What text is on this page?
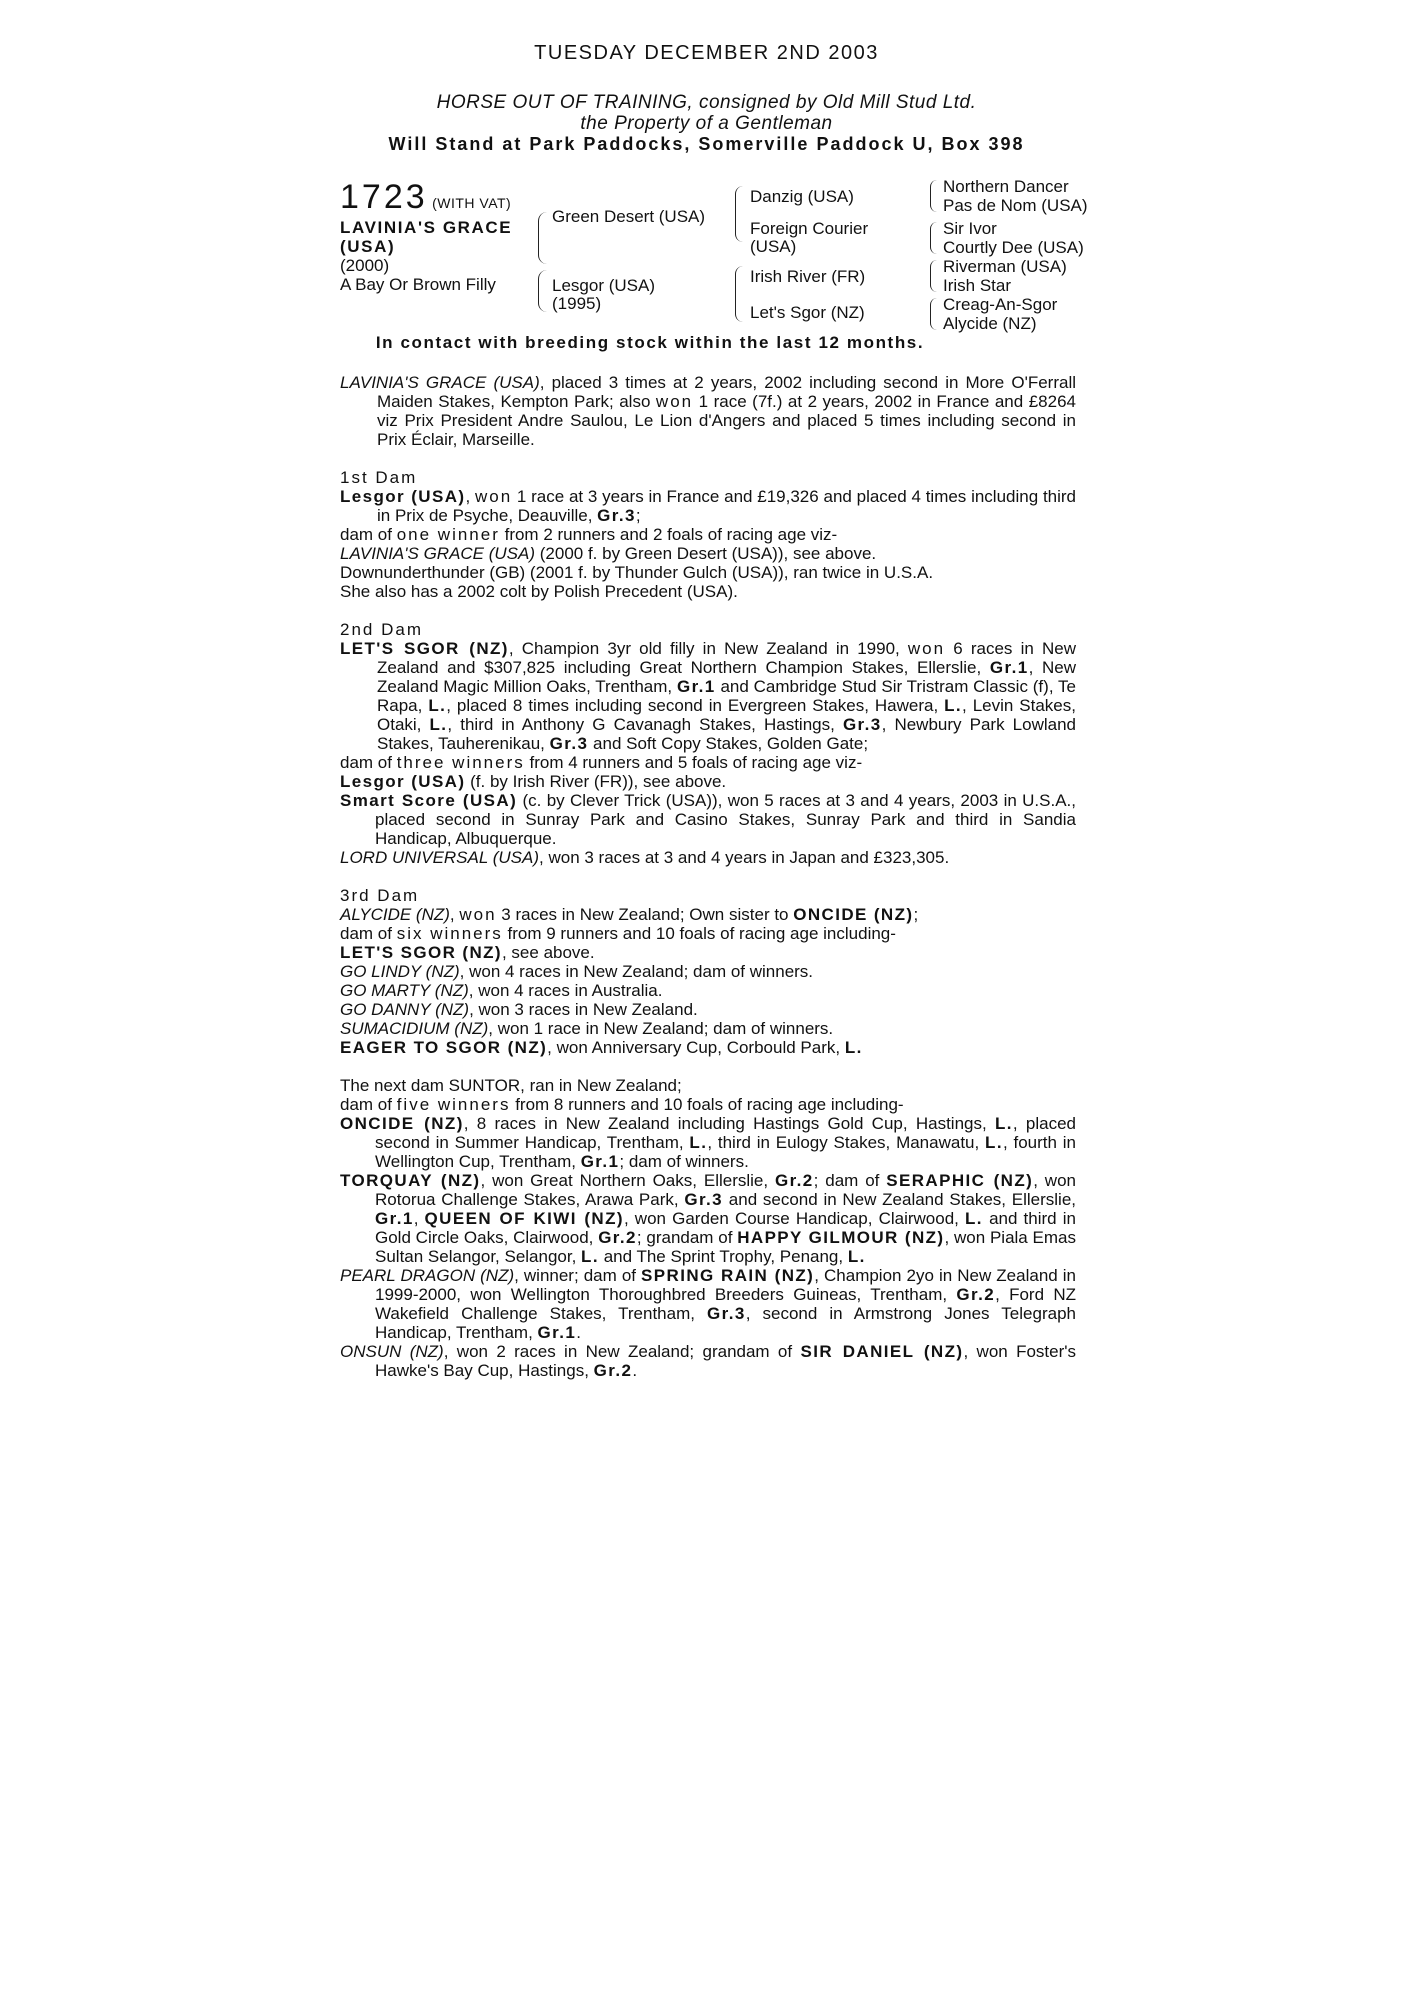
TUESDAY DECEMBER 2ND 2003
HORSE OUT OF TRAINING, consigned by Old Mill Stud Ltd.
the Property of a Gentleman
Will Stand at Park Paddocks, Somerville Paddock U, Box 398
1723 (WITH VAT)
LAVINIA'S GRACE (USA)
(2000)
A Bay Or Brown Filly
Green Desert (USA)
Lesgor (USA)
(1995)
Danzig (USA)
Foreign Courier
(USA)
Irish River (FR)
Let's Sgor (NZ)
Northern Dancer
Pas de Nom (USA)
Sir Ivor
Courtly Dee (USA)
Riverman (USA)
Irish Star
Creag-An-Sgor
Alycide (NZ)
In contact with breeding stock within the last 12 months.

LAVINIA'S GRACE (USA), placed 3 times at 2 years, 2002 including second in More O'Ferrall Maiden Stakes, Kempton Park; also won 1 race (7f.) at 2 years, 2002 in France and £8264 viz Prix President Andre Saulou, Le Lion d'Angers and placed 5 times including second in Prix Éclair, Marseille.

1st Dam

Lesgor (USA), won 1 race at 3 years in France and £19,326 and placed 4 times including third in Prix de Psyche, Deauville, Gr.3;

dam of one winner from 2 runners and 2 foals of racing age viz-

LAVINIA'S GRACE (USA) (2000 f. by Green Desert (USA)), see above.

Downunderthunder (GB) (2001 f. by Thunder Gulch (USA)), ran twice in U.S.A.

She also has a 2002 colt by Polish Precedent (USA).

2nd Dam

LET'S SGOR (NZ), Champion 3yr old filly in New Zealand in 1990, won 6 races in New Zealand and $307,825 including Great Northern Champion Stakes, Ellerslie, Gr.1, New Zealand Magic Million Oaks, Trentham, Gr.1 and Cambridge Stud Sir Tristram Classic (f), Te Rapa, L., placed 8 times including second in Evergreen Stakes, Hawera, L., Levin Stakes, Otaki, L., third in Anthony G Cavanagh Stakes, Hastings, Gr.3, Newbury Park Lowland Stakes, Tauherenikau, Gr.3 and Soft Copy Stakes, Golden Gate;

dam of three winners from 4 runners and 5 foals of racing age viz-

Lesgor (USA) (f. by Irish River (FR)), see above.

Smart Score (USA) (c. by Clever Trick (USA)), won 5 races at 3 and 4 years, 2003 in U.S.A., placed second in Sunray Park and Casino Stakes, Sunray Park and third in Sandia Handicap, Albuquerque.

LORD UNIVERSAL (USA), won 3 races at 3 and 4 years in Japan and £323,305.

3rd Dam

ALYCIDE (NZ), won 3 races in New Zealand; Own sister to ONCIDE (NZ);

dam of six winners from 9 runners and 10 foals of racing age including-

LET'S SGOR (NZ), see above.

GO LINDY (NZ), won 4 races in New Zealand; dam of winners.

GO MARTY (NZ), won 4 races in Australia.

GO DANNY (NZ), won 3 races in New Zealand.

SUMACIDIUM (NZ), won 1 race in New Zealand; dam of winners.

EAGER TO SGOR (NZ), won Anniversary Cup, Corbould Park, L.

The next dam SUNTOR, ran in New Zealand;

dam of five winners from 8 runners and 10 foals of racing age including-

ONCIDE (NZ), 8 races in New Zealand including Hastings Gold Cup, Hastings, L., placed second in Summer Handicap, Trentham, L., third in Eulogy Stakes, Manawatu, L., fourth in Wellington Cup, Trentham, Gr.1; dam of winners.

TORQUAY (NZ), won Great Northern Oaks, Ellerslie, Gr.2; dam of SERAPHIC (NZ), won Rotorua Challenge Stakes, Arawa Park, Gr.3 and second in New Zealand Stakes, Ellerslie, Gr.1, QUEEN OF KIWI (NZ), won Garden Course Handicap, Clairwood, L. and third in Gold Circle Oaks, Clairwood, Gr.2; grandam of HAPPY GILMOUR (NZ), won Piala Emas Sultan Selangor, Selangor, L. and The Sprint Trophy, Penang, L.

PEARL DRAGON (NZ), winner; dam of SPRING RAIN (NZ), Champion 2yo in New Zealand in 1999-2000, won Wellington Thoroughbred Breeders Guineas, Trentham, Gr.2, Ford NZ Wakefield Challenge Stakes, Trentham, Gr.3, second in Armstrong Jones Telegraph Handicap, Trentham, Gr.1.

ONSUN (NZ), won 2 races in New Zealand; grandam of SIR DANIEL (NZ), won Foster's Hawke's Bay Cup, Hastings, Gr.2.
